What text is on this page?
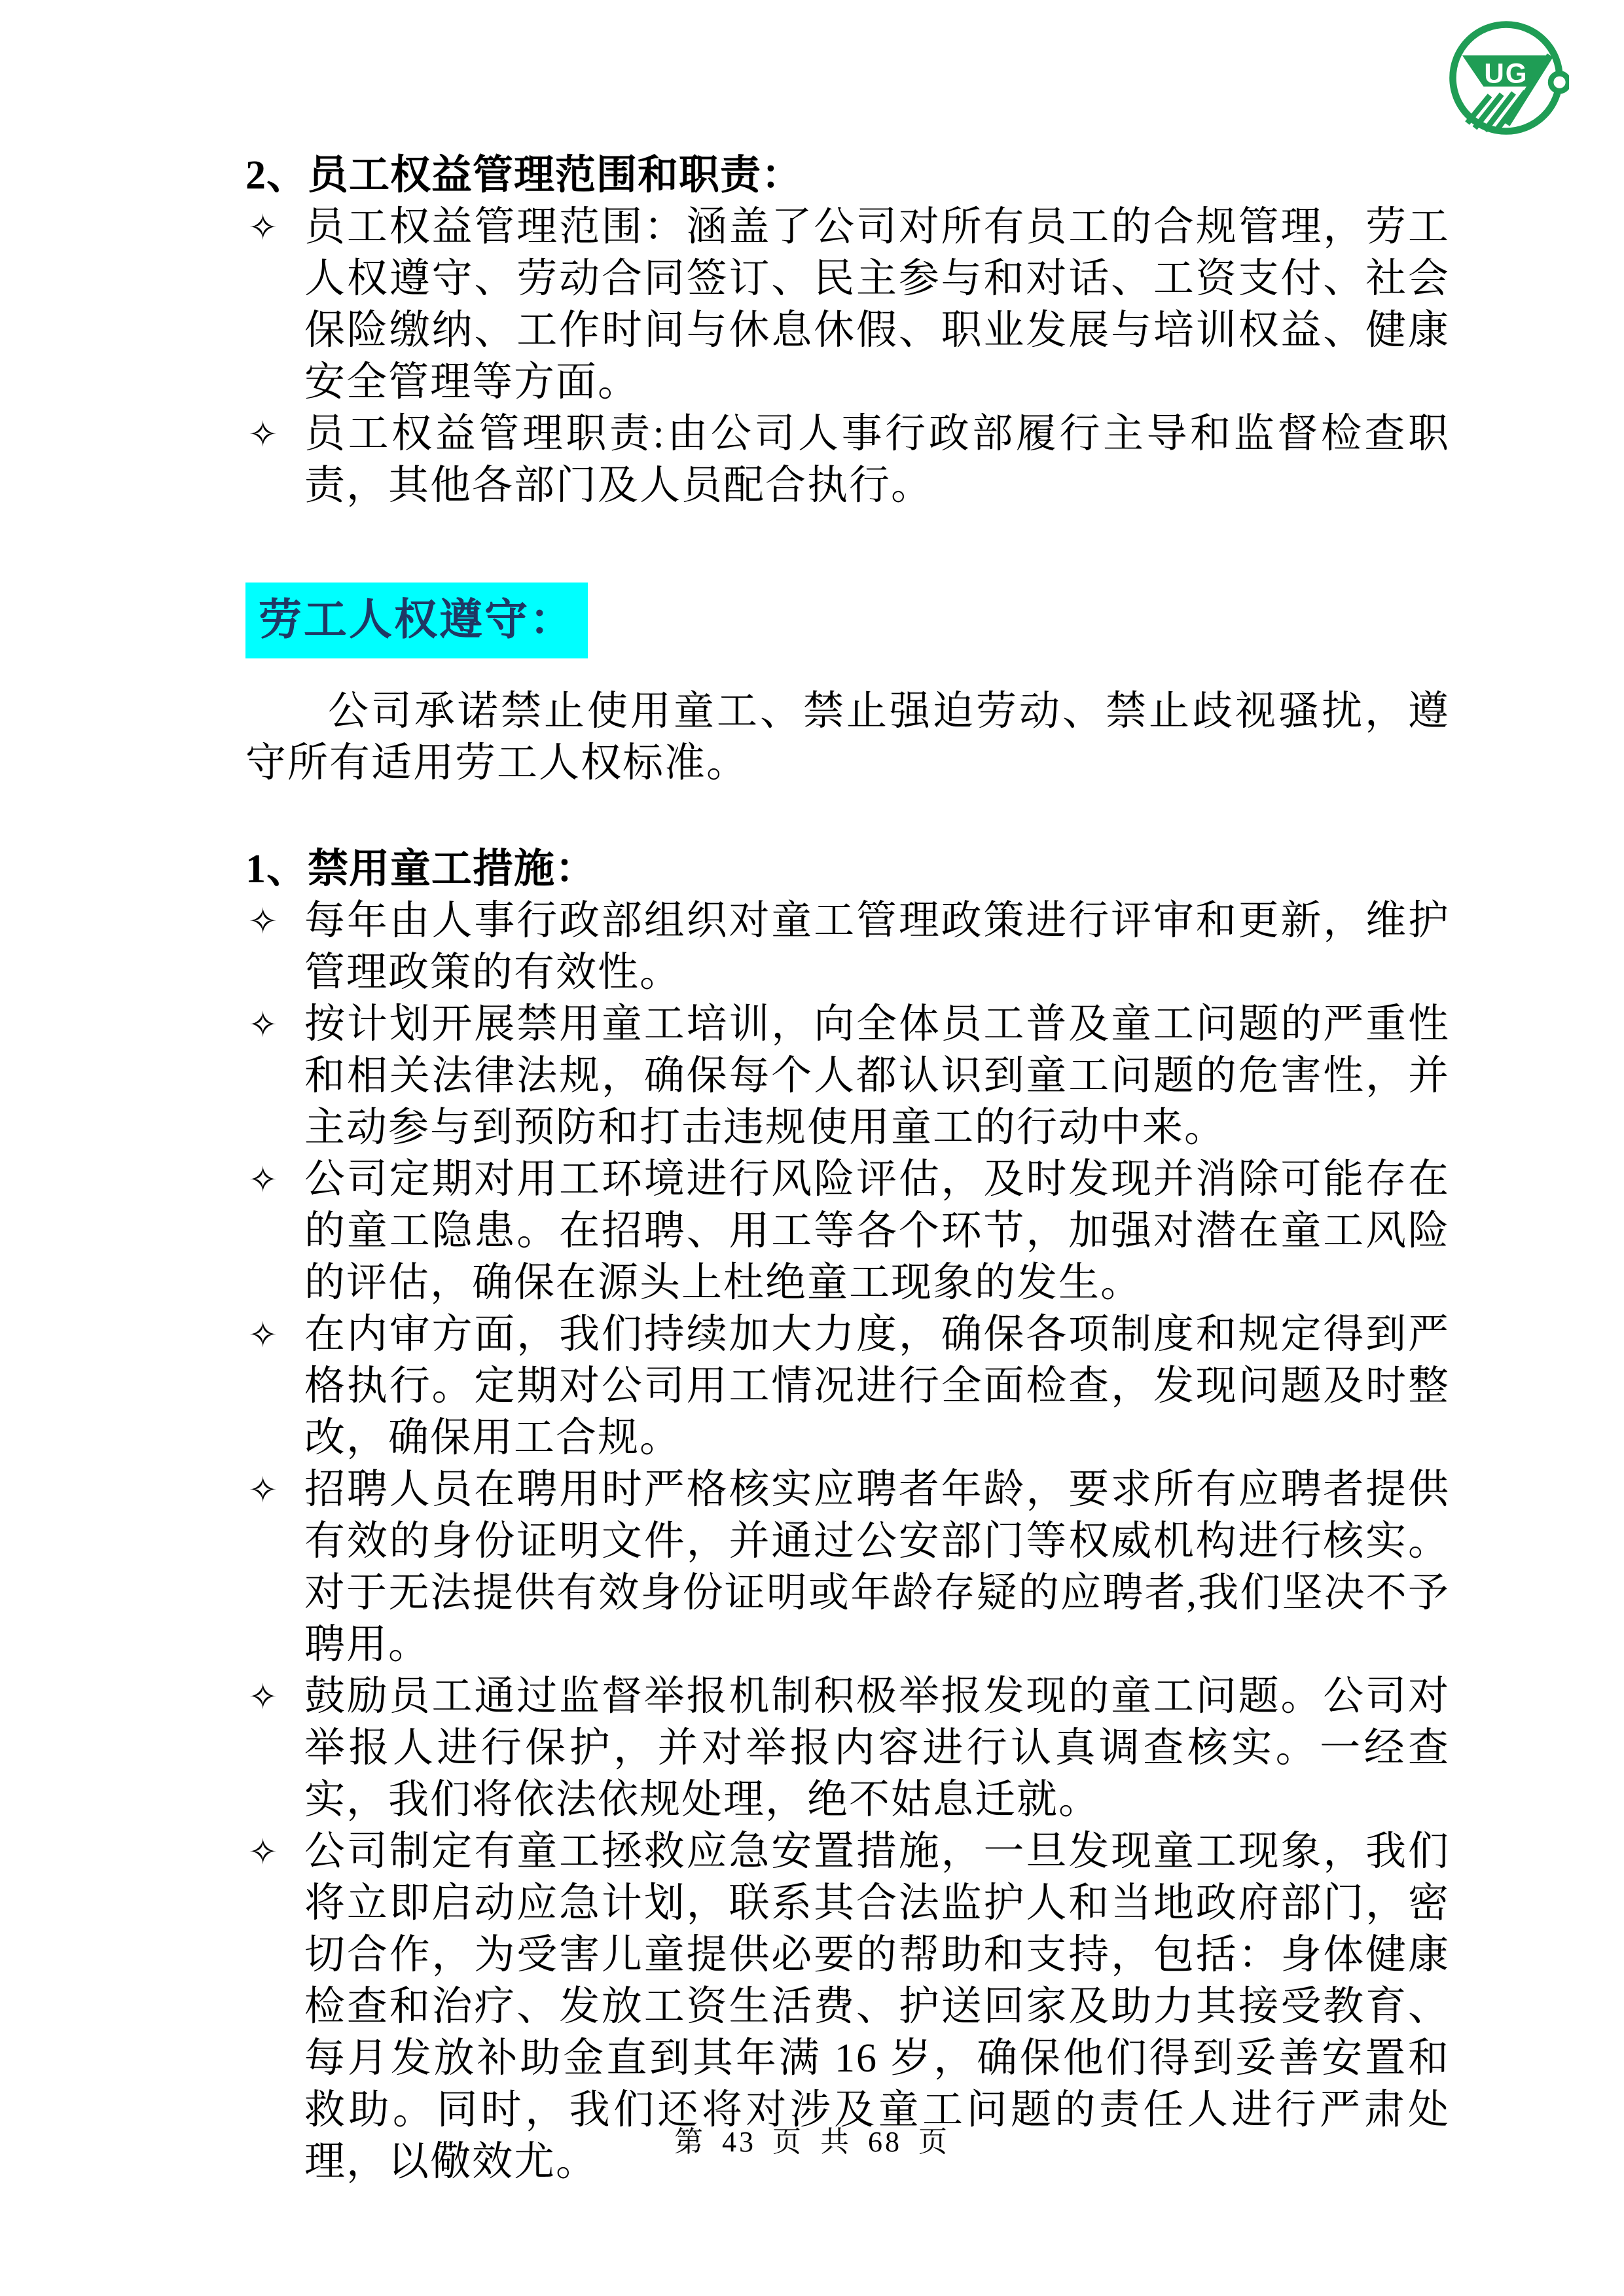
UG
2、员工权益管理范围和职责：
✧ 员工权益管理范围：涵盖了公司对所有员工的合规管理，劳工人权遵守、劳动合同签订、民主参与和对话、工资支付、社会保险缴纳、工作时间与休息休假、职业发展与培训权益、健康安全管理等方面。
✧ 员工权益管理职责:由公司人事行政部履行主导和监督检查职责，其他各部门及人员配合执行。
劳工人权遵守：
公司承诺禁止使用童工、禁止强迫劳动、禁止歧视骚扰，遵守所有适用劳工人权标准。
1、禁用童工措施：
✧ 每年由人事行政部组织对童工管理政策进行评审和更新，维护管理政策的有效性。
✧ 按计划开展禁用童工培训，向全体员工普及童工问题的严重性和相关法律法规，确保每个人都认识到童工问题的危害性，并主动参与到预防和打击违规使用童工的行动中来。
✧ 公司定期对用工环境进行风险评估，及时发现并消除可能存在的童工隐患。在招聘、用工等各个环节，加强对潜在童工风险的评估，确保在源头上杜绝童工现象的发生。
✧ 在内审方面，我们持续加大力度，确保各项制度和规定得到严格执行。定期对公司用工情况进行全面检查，发现问题及时整改，确保用工合规。
✧ 招聘人员在聘用时严格核实应聘者年龄，要求所有应聘者提供有效的身份证明文件，并通过公安部门等权威机构进行核实。对于无法提供有效身份证明或年龄存疑的应聘者,我们坚决不予聘用。
✧ 鼓励员工通过监督举报机制积极举报发现的童工问题。公司对举报人进行保护，并对举报内容进行认真调查核实。一经查实，我们将依法依规处理，绝不姑息迁就。
✧ 公司制定有童工拯救应急安置措施，一旦发现童工现象，我们将立即启动应急计划，联系其合法监护人和当地政府部门，密切合作，为受害儿童提供必要的帮助和支持，包括：身体健康检查和治疗、发放工资生活费、护送回家及助力其接受教育、每月发放补助金直到其年满 16 岁，确保他们得到妥善安置和救助。同时，我们还将对涉及童工问题的责任人进行严肃处理，以儆效尤。	第 43 页 共 68 页
